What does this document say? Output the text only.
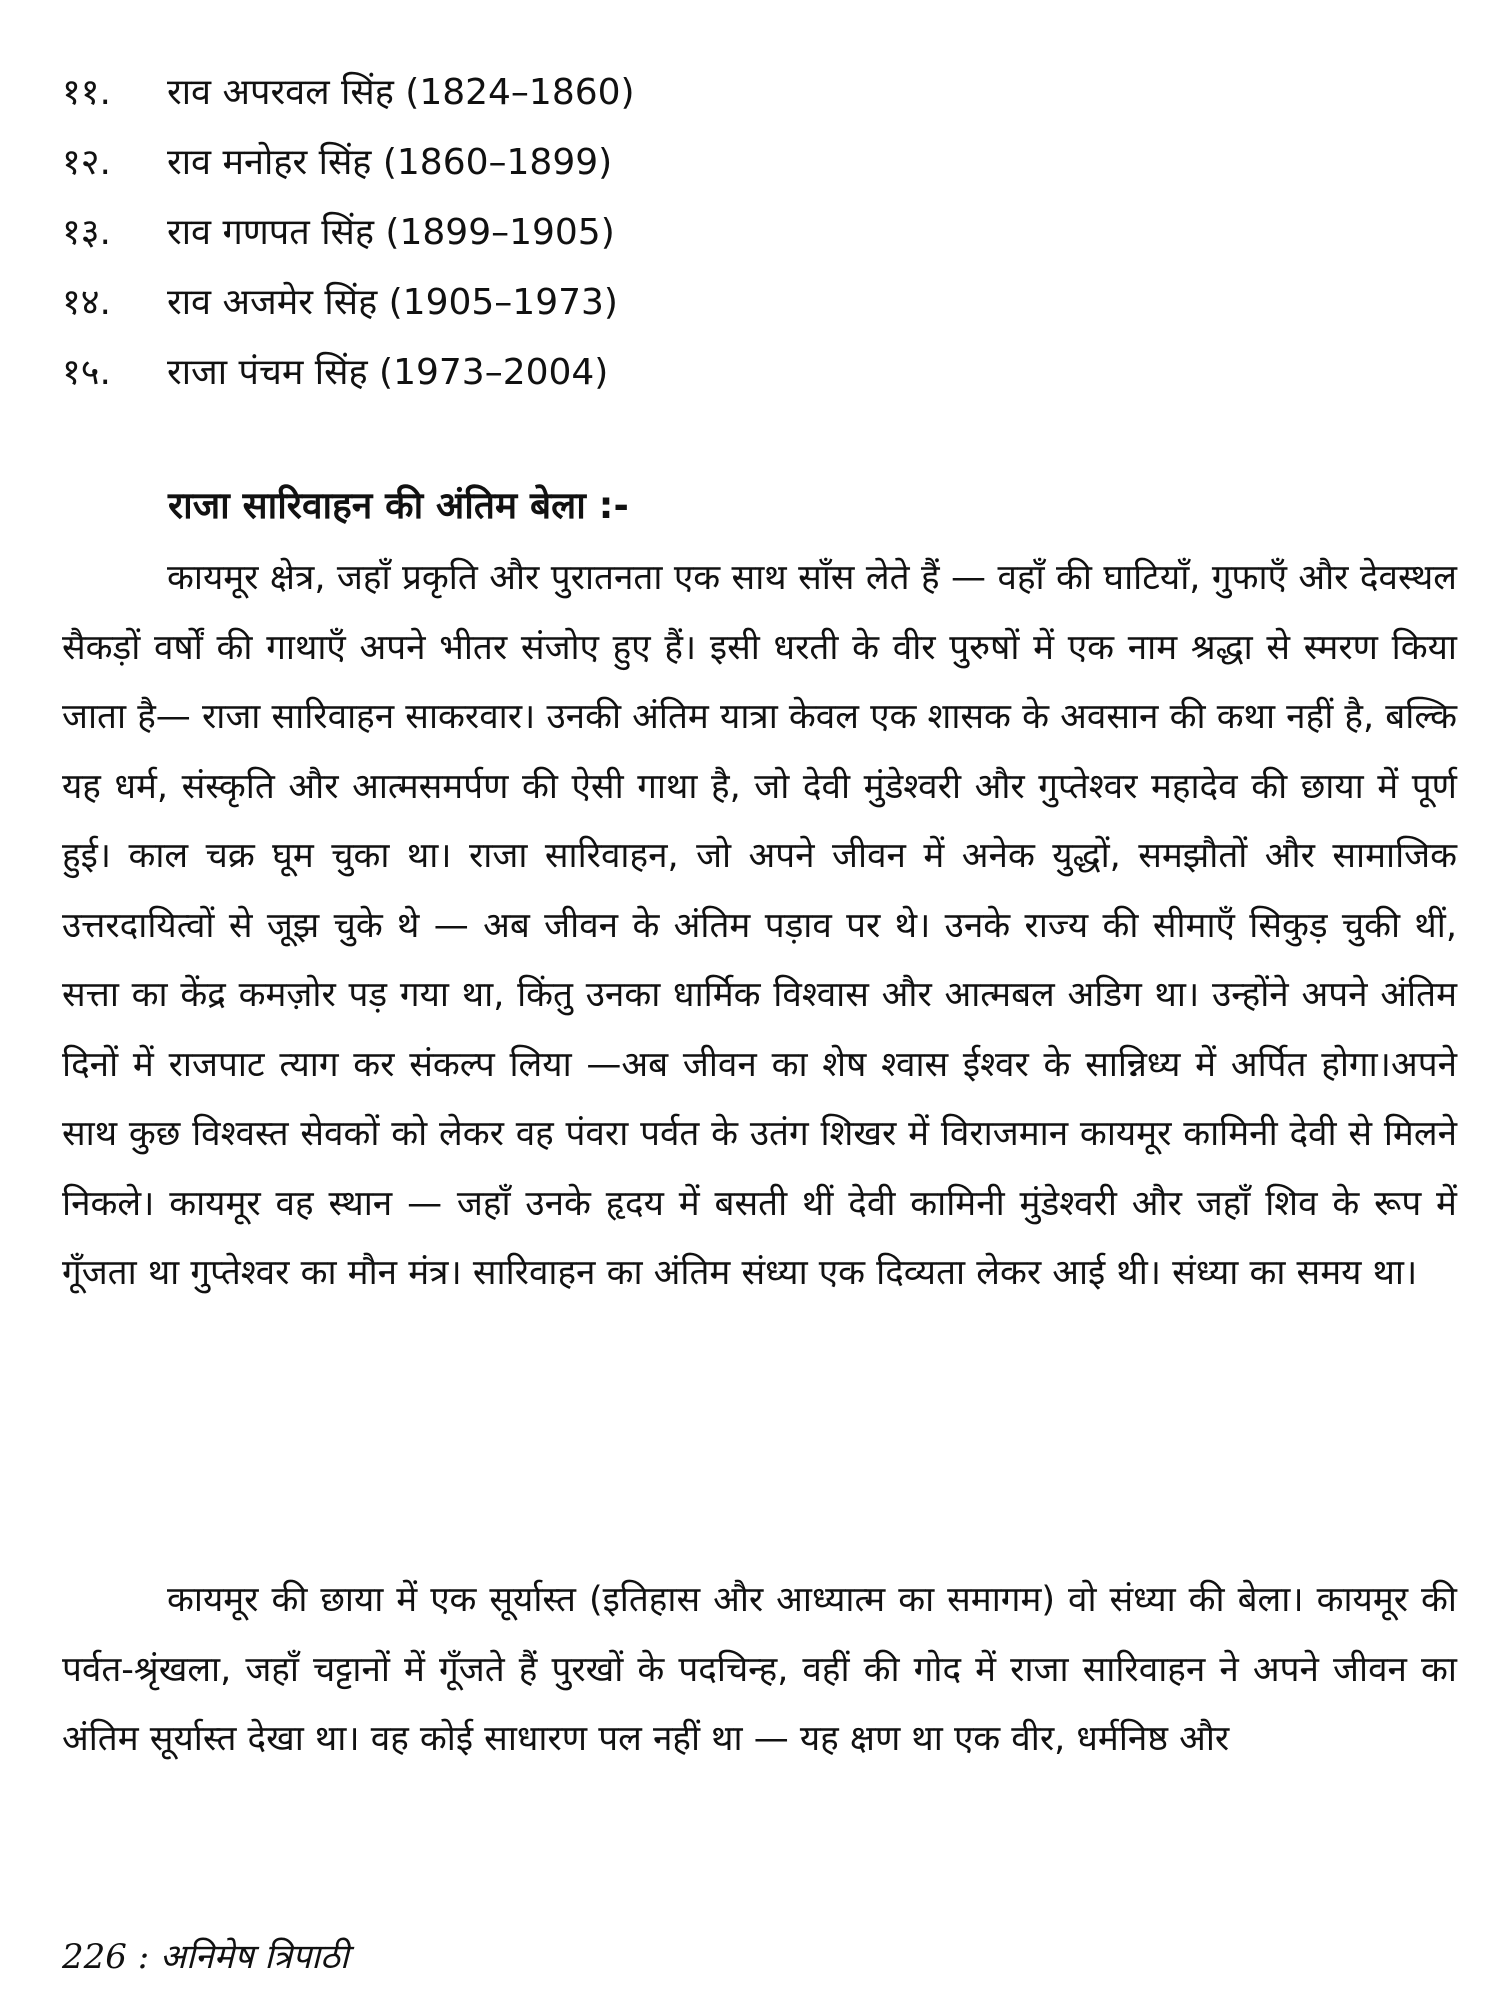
११. राव अपरवल सिंह (1824–1860)
१२. राव मनोहर सिंह (1860–1899)
१३. राव गणपत सिंह (1899–1905)
१४. राव अजमेर सिंह (1905–1973)
१५. राजा पंचम सिंह (1973–2004)
राजा सारिवाहन की अंतिम बेला :-

कायमूर क्षेत्र, जहाँ प्रकृति और पुरातनता एक साथ साँस लेते हैं — वहाँ की घाटियाँ, गुफाएँ और देवस्थल सैकड़ों वर्षों की गाथाएँ अपने भीतर संजोए हुए हैं। इसी धरती के वीर पुरुषों में एक नाम श्रद्धा से स्मरण किया जाता है— राजा सारिवाहन साकरवार। उनकी अंतिम यात्रा केवल एक शासक के अवसान की कथा नहीं है, बल्कि यह धर्म, संस्कृति और आत्मसमर्पण की ऐसी गाथा है, जो देवी मुंडेश्वरी और गुप्तेश्वर महादेव की छाया में पूर्ण हुई। काल चक्र घूम चुका था। राजा सारिवाहन, जो अपने जीवन में अनेक युद्धों, समझौतों और सामाजिक उत्तरदायित्वों से जूझ चुके थे — अब जीवन के अंतिम पड़ाव पर थे। उनके राज्य की सीमाएँ सिकुड़ चुकी थीं, सत्ता का केंद्र कमज़ोर पड़ गया था, किंतु उनका धार्मिक विश्वास और आत्मबल अडिग था। उन्होंने अपने अंतिम दिनों में राजपाट त्याग कर संकल्प लिया —अब जीवन का शेष श्वास ईश्वर के सान्निध्य में अर्पित होगा।अपने साथ कुछ विश्वस्त सेवकों को लेकर वह पंवरा पर्वत के उतंग शिखर में विराजमान कायमूर कामिनी देवी से मिलने निकले। कायमूर वह स्थान — जहाँ उनके हृदय में बसती थीं देवी कामिनी मुंडेश्वरी और जहाँ शिव के रूप में गूँजता था गुप्तेश्वर का मौन मंत्र। सारिवाहन का अंतिम संध्या एक दिव्यता लेकर आई थी। संध्या का समय था।

कायमूर की छाया में एक सूर्यास्त (इतिहास और आध्यात्म का समागम) वो संध्या की बेला। कायमूर की पर्वत-श्रृंखला, जहाँ चट्टानों में गूँजते हैं पुरखों के पदचिन्ह, वहीं की गोद में राजा सारिवाहन ने अपने जीवन का अंतिम सूर्यास्त देखा था। वह कोई साधारण पल नहीं था — यह क्षण था एक वीर, धर्मनिष्ठ और

226 : अनिमेष त्रिपाठी
